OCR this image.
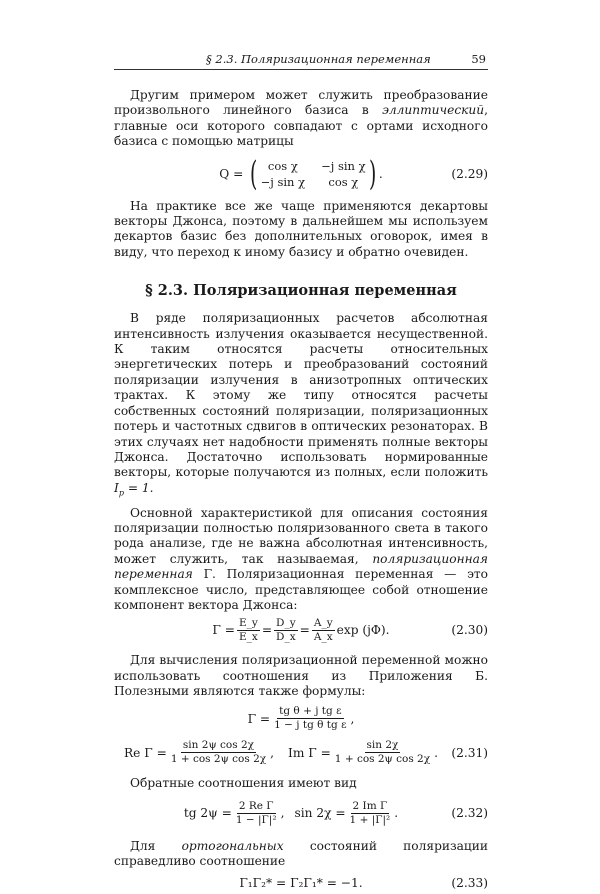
§ 2.3. Поляризационная переменная	59

Другим примером может служить преобразование произвольного линейного базиса в эллиптический, главные оси которого совпадают с ортами исходного базиса с помощью матрицы

Q = ( cos χ	−j sin χ
−j sin χ	cos χ ) .	(2.29)

На практике все же чаще применяются декартовы векторы Джонса, поэтому в дальнейшем мы используем декартов базис без дополнительных оговорок, имея в виду, что переход к иному базису и обратно очевиден.

§ 2.3. Поляризационная переменная

В ряде поляризационных расчетов абсолютная интенсивность излучения оказывается несущественной. К таким относятся расчеты относительных энергетических потерь и преобразований состояний поляризации излучения в анизотропных оптических трактах. К этому же типу относятся расчеты собственных состояний поляризации, поляризационных потерь и частотных сдвигов в оптических резонаторах. В этих случаях нет надобности применять полные векторы Джонса. Достаточно использовать нормированные векторы, которые получаются из полных, если положить $I_p = 1$.

Основной характеристикой для описания состояния поляризации полностью поляризованного света в такого рода анализе, где не важна абсолютная интенсивность, может служить, так называемая, поляризационная переменная Γ. Поляризационная переменная — это комплексное число, представляющее собой отношение компонент вектора Джонса:

$\Gamma = \frac{E\_y}{E\_x} = \frac{D\_y}{D\_x} = \frac{A\_y}{A\_x}$ exp (jΦ).	(2.30)

Для вычисления поляризационной переменной можно использовать соотношения из Приложения Б. Полезными являются также формулы:

$\Gamma = \frac{\text{tg θ + j tg ε}}{\text{1 − j tg θ tg ε}}$ ,
Re $\Gamma = \frac{\text{sin 2ψ cos 2χ}}{\text{1 + cos 2ψ cos 2χ}}$ , Im $\Gamma = \frac{\sin 2\chi}{\text{1 + cos 2ψ cos 2χ}}$ . (2.31)

Обратные соотношения имеют вид

tg $2\psi = \frac{\text{2 Re Γ}}{\text{1 − |Γ|²}}$ , $\sin 2\chi = \frac{\text{2 Im Γ}}{\text{1 + |Γ|²}}$ .	(2.32)

Для ортогональных состояний поляризации справедливо соотношение

Γ₁Γ₂* = Γ₂Γ₁* = −1.	(2.33)
